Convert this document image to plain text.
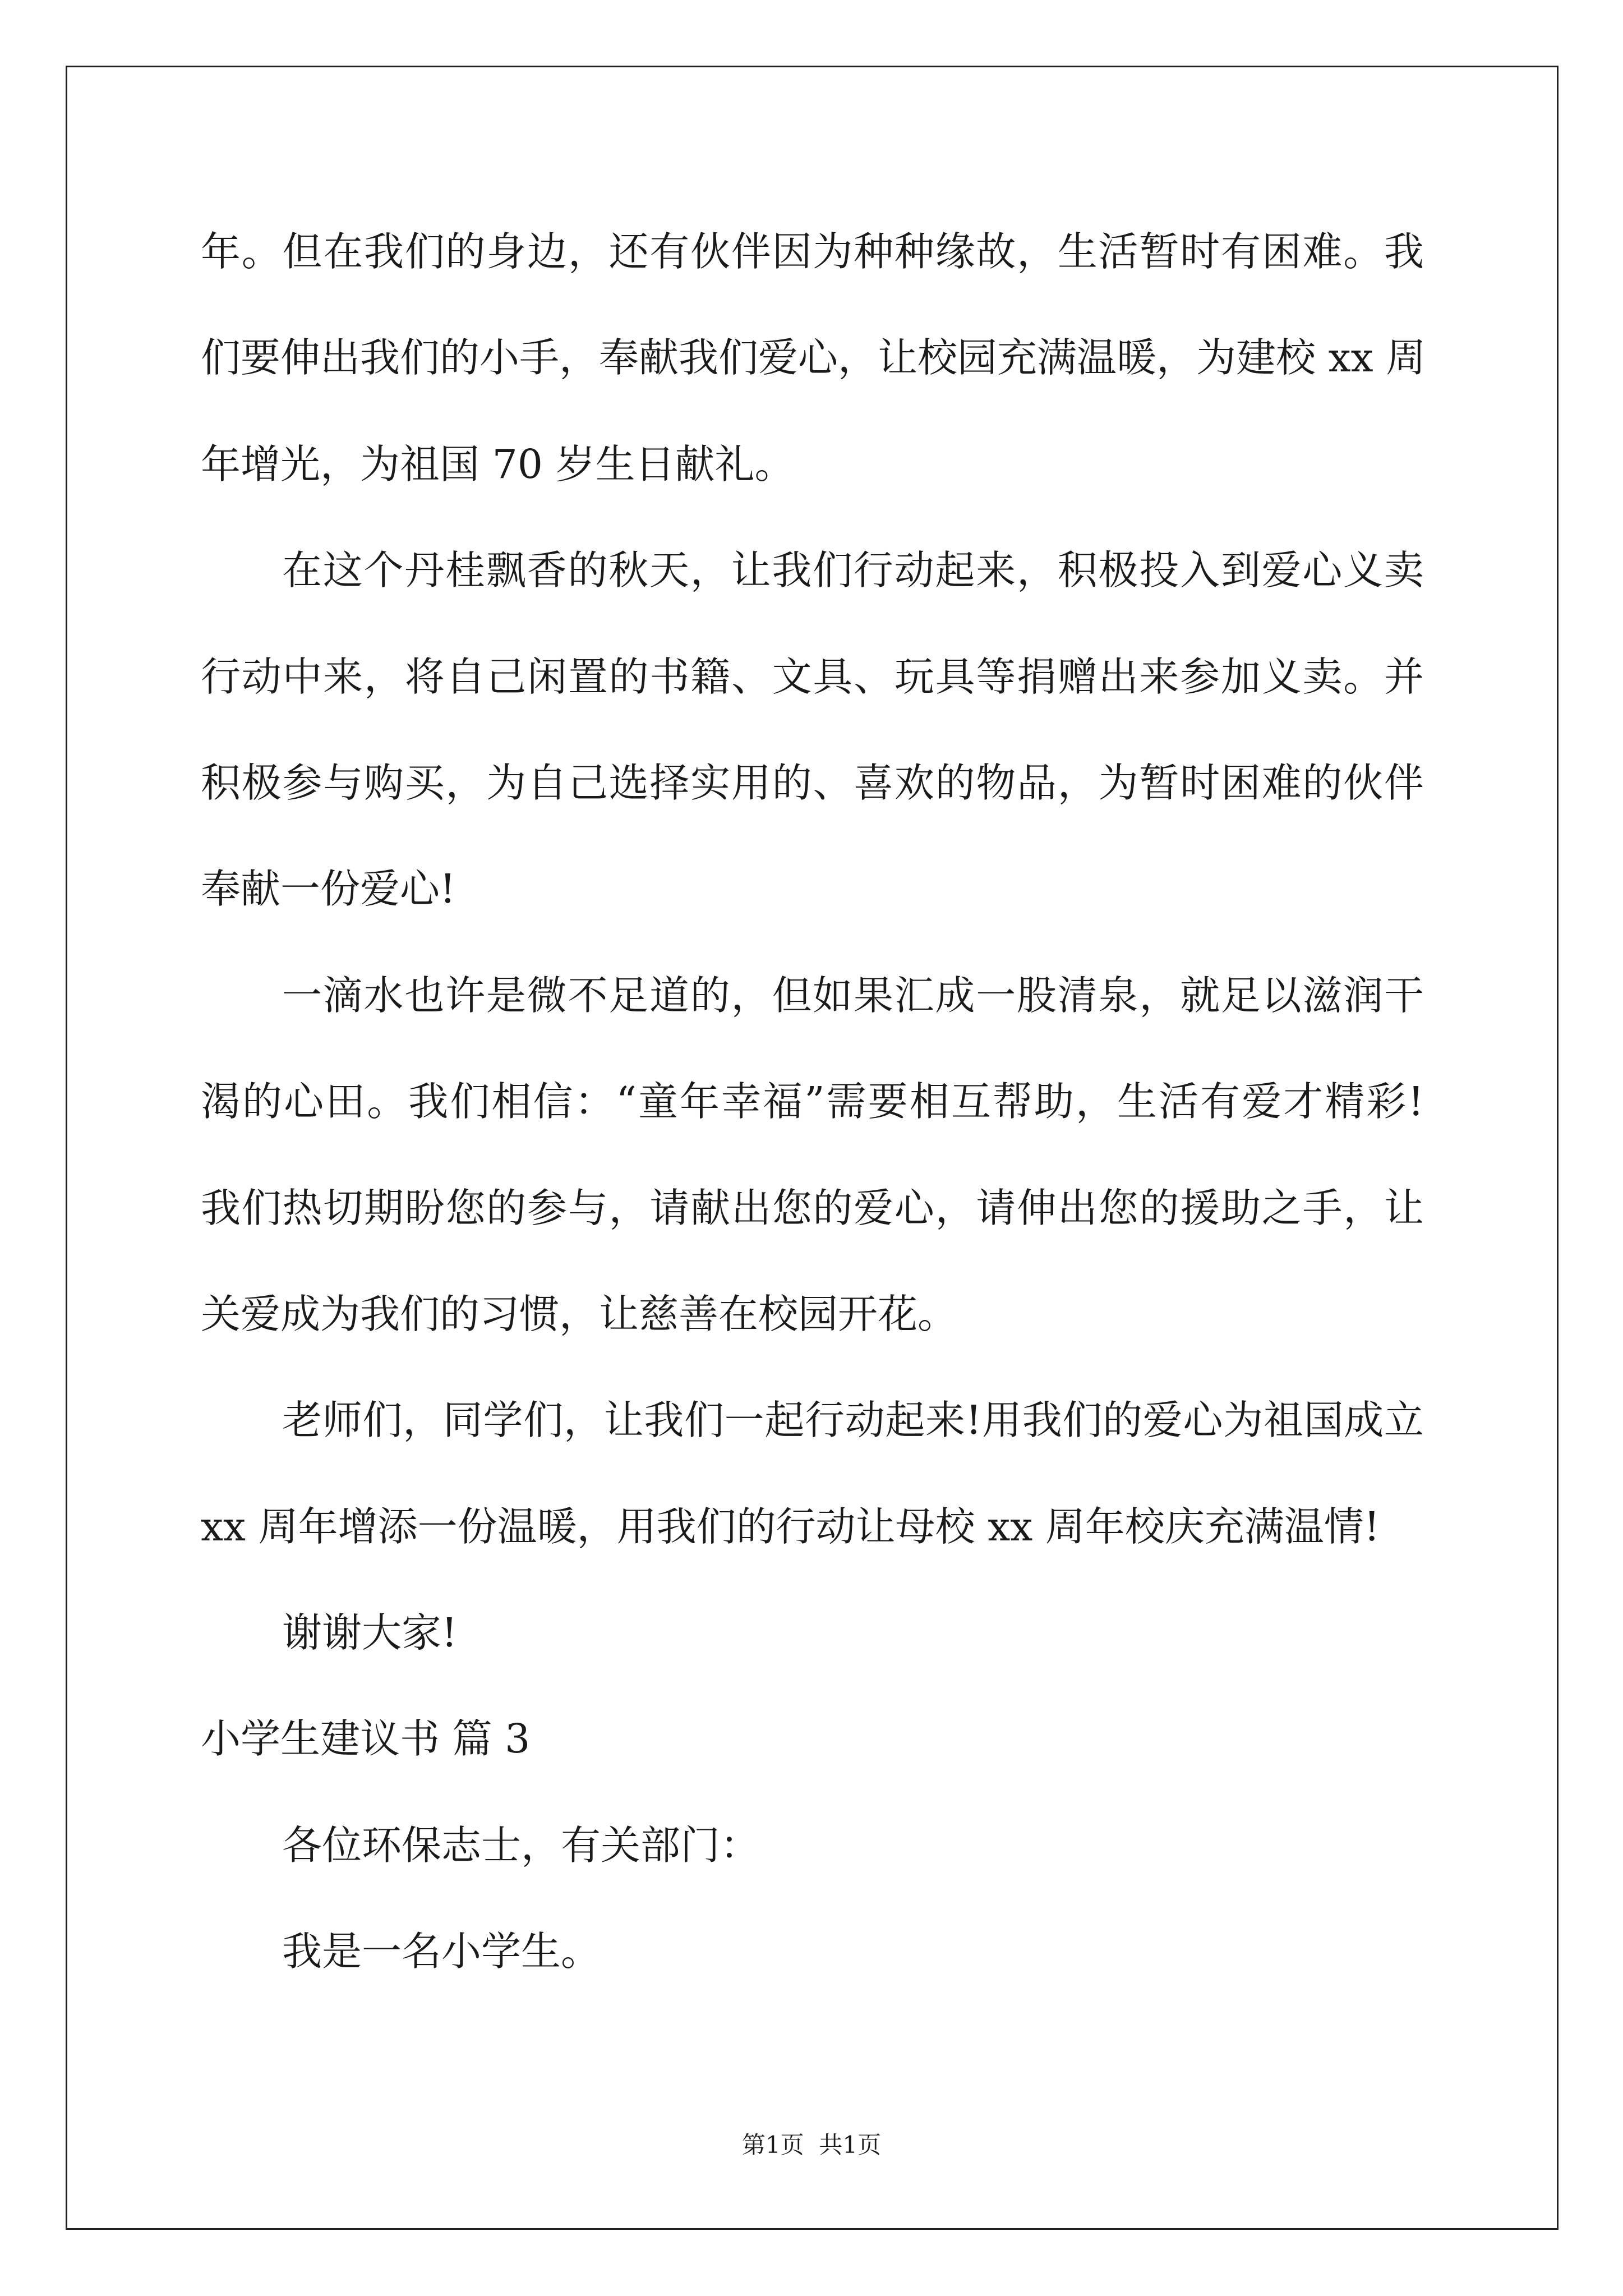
年。但在我们的身边，还有伙伴因为种种缘故，生活暂时有困难。我
们要伸出我们的小手，奉献我们爱心，让校园充满温暖，为建校 xx 周
年增光，为祖国 70 岁生日献礼。
在这个丹桂飘香的秋天，让我们行动起来，积极投入到爱心义卖
行动中来，将自己闲置的书籍、文具、玩具等捐赠出来参加义卖。并
积极参与购买，为自己选择实用的、喜欢的物品，为暂时困难的伙伴
奉献一份爱心!
一滴水也许是微不足道的，但如果汇成一股清泉，就足以滋润干
渴的心田。我们相信：“童年幸福”需要相互帮助，生活有爱才精彩!
我们热切期盼您的参与，请献出您的爱心，请伸出您的援助之手，让
关爱成为我们的习惯，让慈善在校园开花。
老师们，同学们，让我们一起行动起来!用我们的爱心为祖国成立
xx 周年增添一份温暖，用我们的行动让母校 xx 周年校庆充满温情!
谢谢大家!
小学生建议书 篇 3
各位环保志士，有关部门：
我是一名小学生。
第1页  共1页
